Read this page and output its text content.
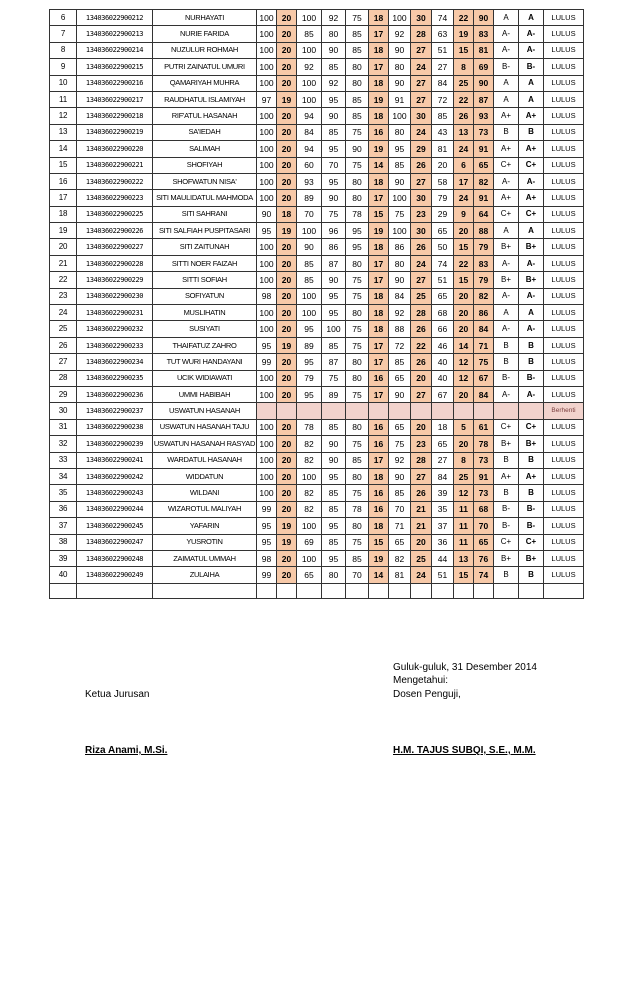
6	134036022900212	NURHAYATI	100	20	100	92	75	18	100	30	74	22	90	A	A	LULUS
7	134036022900213	NURIE FARIDA	100	20	85	80	85	17	92	28	63	19	83	A-	A-	LULUS
8	134036022900214	NUZULUR ROHMAH	100	20	100	90	85	18	90	27	51	15	81	A-	A-	LULUS
9	134036022900215	PUTRI ZAINATUL UMURI	100	20	92	85	80	17	80	24	27	8	69	B-	B-	LULUS
10	134036022900216	QAMARIYAH MUHRA	100	20	100	92	80	18	90	27	84	25	90	A	A	LULUS
11	134036022900217	RAUDHATUL ISLAMIYAH	97	19	100	95	85	19	91	27	72	22	87	A	A	LULUS
12	134036022900218	RIF'ATUL HASANAH	100	20	94	90	85	18	100	30	85	26	93	A+	A+	LULUS
13	134036022900219	SA'IEDAH	100	20	84	85	75	16	80	24	43	13	73	B	B	LULUS
14	134036022900220	SALIMAH	100	20	94	95	90	19	95	29	81	24	91	A+	A+	LULUS
15	134036022900221	SHOFIYAH	100	20	60	70	75	14	85	26	20	6	65	C+	C+	LULUS
16	134036022900222	SHOFWATUN NISA'	100	20	93	95	80	18	90	27	58	17	82	A-	A-	LULUS
17	134036022900223	SITI MAULIDATUL MAHMODA	100	20	89	90	80	17	100	30	79	24	91	A+	A+	LULUS
18	134036022900225	SITI SAHRANI	90	18	70	75	78	15	75	23	29	9	64	C+	C+	LULUS
19	134036022900226	SITI SALFIAH PUSPITASARI	95	19	100	96	95	19	100	30	65	20	88	A	A	LULUS
20	134036022900227	SITI ZAITUNAH	100	20	90	86	95	18	86	26	50	15	79	B+	B+	LULUS
21	134036022900228	SITTI NOER FAIZAH	100	20	85	87	80	17	80	24	74	22	83	A-	A-	LULUS
22	134036022900229	SITTI SOFIAH	100	20	85	90	75	17	90	27	51	15	79	B+	B+	LULUS
23	134036022900230	SOFIYATUN	98	20	100	95	75	18	84	25	65	20	82	A-	A-	LULUS
24	134036022900231	MUSLIHATIN	100	20	100	95	80	18	92	28	68	20	86	A	A	LULUS
25	134036022900232	SUSIYATI	100	20	95	100	75	18	88	26	66	20	84	A-	A-	LULUS
26	134036022900233	THAIFATUZ ZAHRO	95	19	89	85	75	17	72	22	46	14	71	B	B	LULUS
27	134036022900234	TUT WURI HANDAYANI	99	20	95	87	80	17	85	26	40	12	75	B	B	LULUS
28	134036022900235	UCIK WIDIAWATI	100	20	79	75	80	16	65	20	40	12	67	B-	B-	LULUS
29	134036022900236	UMMI HABIBAH	100	20	95	89	75	17	90	27	67	20	84	A-	A-	LULUS
30	134036022900237	USWATUN HASANAH														Berhenti
31	134036022900238	USWATUN HASANAH TAJU	100	20	78	85	80	16	65	20	18	5	61	C+	C+	LULUS
32	134036022900239	USWATUN HASANAH RASYAD	100	20	82	90	75	16	75	23	65	20	78	B+	B+	LULUS
33	134036022900241	WARDATUL HASANAH	100	20	82	90	85	17	92	28	27	8	73	B	B	LULUS
34	134036022900242	WIDDATUN	100	20	100	95	80	18	90	27	84	25	91	A+	A+	LULUS
35	134036022900243	WILDANI	100	20	82	85	75	16	85	26	39	12	73	B	B	LULUS
36	134036022900244	WIZAROTUL MALIYAH	99	20	82	85	78	16	70	21	35	11	68	B-	B-	LULUS
37	134036022900245	YAFARIN	95	19	100	95	80	18	71	21	37	11	70	B-	B-	LULUS
38	134036022900247	YUSROTIN	95	19	69	85	75	15	65	20	36	11	65	C+	C+	LULUS
39	134036022900248	ZAIMATUL UMMAH	98	20	100	95	85	19	82	25	44	13	76	B+	B+	LULUS
40	134036022900249	ZULAIHA	99	20	65	80	70	14	81	24	51	15	74	B	B	LULUS

Guluk-guluk, 31 Desember 2014
Mengetahui:
Ketua Jurusan	Dosen Penguji,
Riza Anami, M.Si.	H.M. TAJUS SUBQI, S.E., M.M.
